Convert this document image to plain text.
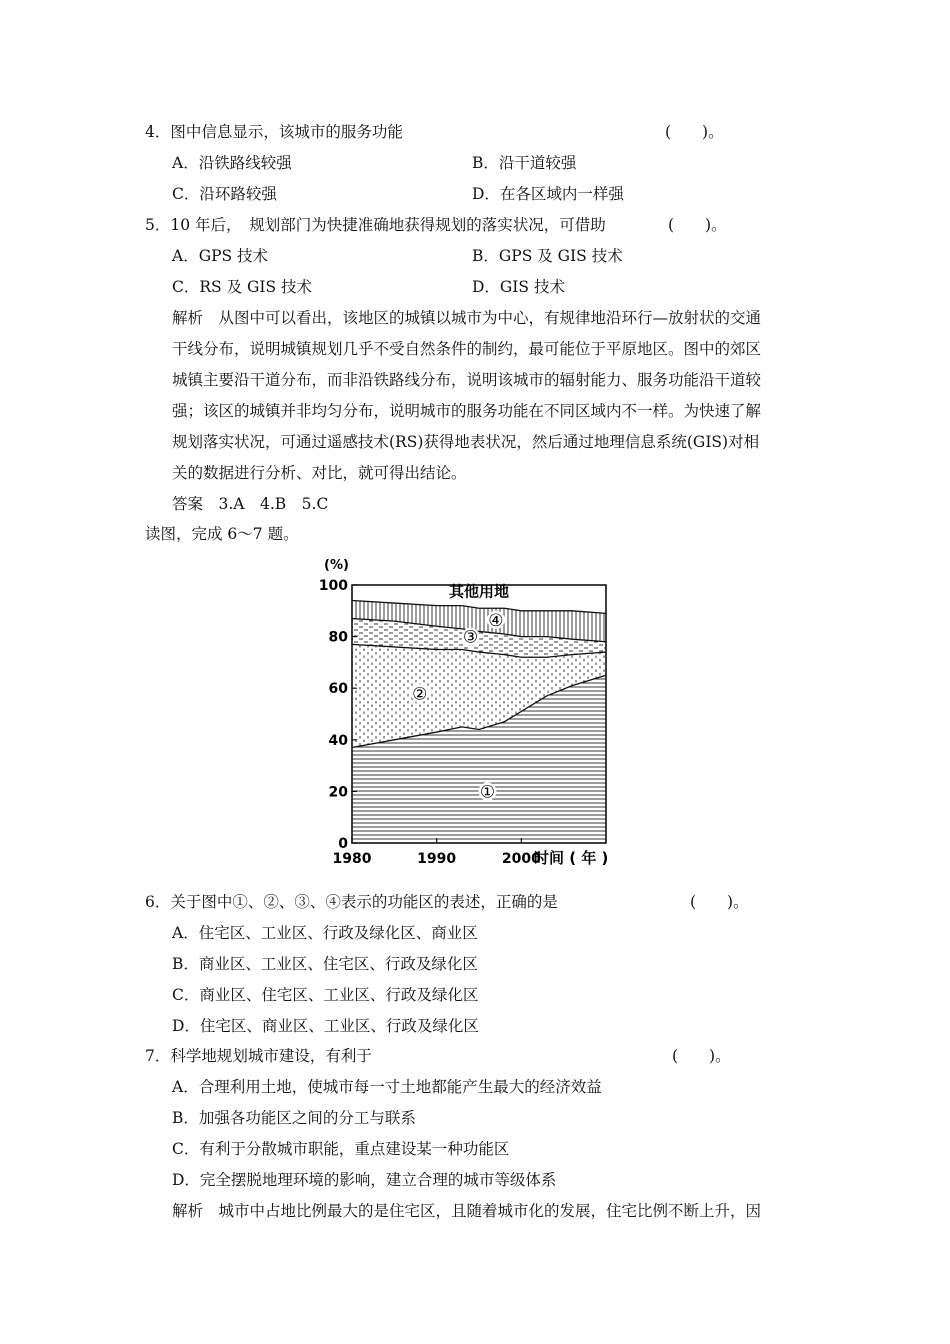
4．图中信息显示，该城市的服务功能	(　　)。
A．沿铁路线较强	B．沿干道较强
C．沿环路较强	D．在各区域内一样强
5．10 年后，　规划部门为快捷准确地获得规划的落实状况，可借助	(　　)。
A．GPS 技术	B．GPS 及 GIS 技术
C．RS 及 GIS 技术	D．GIS 技术
解析　从图中可以看出，该地区的城镇以城市为中心，有规律地沿环行—放射状的交通
干线分布，说明城镇规划几乎不受自然条件的制约，最可能位于平原地区。图中的郊区
城镇主要沿干道分布，而非沿铁路线分布，说明该城市的辐射能力、服务功能沿干道较
强；该区的城镇并非均匀分布，说明城市的服务功能在不同区域内不一样。为快速了解
规划落实状况，可通过遥感技术(RS)获得地表状况，然后通过地理信息系统(GIS)对相
关的数据进行分析、对比，就可得出结论。
答案　3.A　4.B　5.C
读图，完成 6～7 题。
0
20
40
60
80
100
1980	1990	2000
(%)
时间 ( 年 )
其他用地
①
②
③
④
6．关于图中①、②、③、④表示的功能区的表述，正确的是	(　　)。
A．住宅区、工业区、行政及绿化区、商业区
B．商业区、工业区、住宅区、行政及绿化区
C．商业区、住宅区、工业区、行政及绿化区
D．住宅区、商业区、工业区、行政及绿化区
7．科学地规划城市建设，有利于	(　　)。
A．合理利用土地，使城市每一寸土地都能产生最大的经济效益
B．加强各功能区之间的分工与联系
C．有利于分散城市职能，重点建设某一种功能区
D．完全摆脱地理环境的影响，建立合理的城市等级体系
解析　城市中占地比例最大的是住宅区，且随着城市化的发展，住宅比例不断上升，因
